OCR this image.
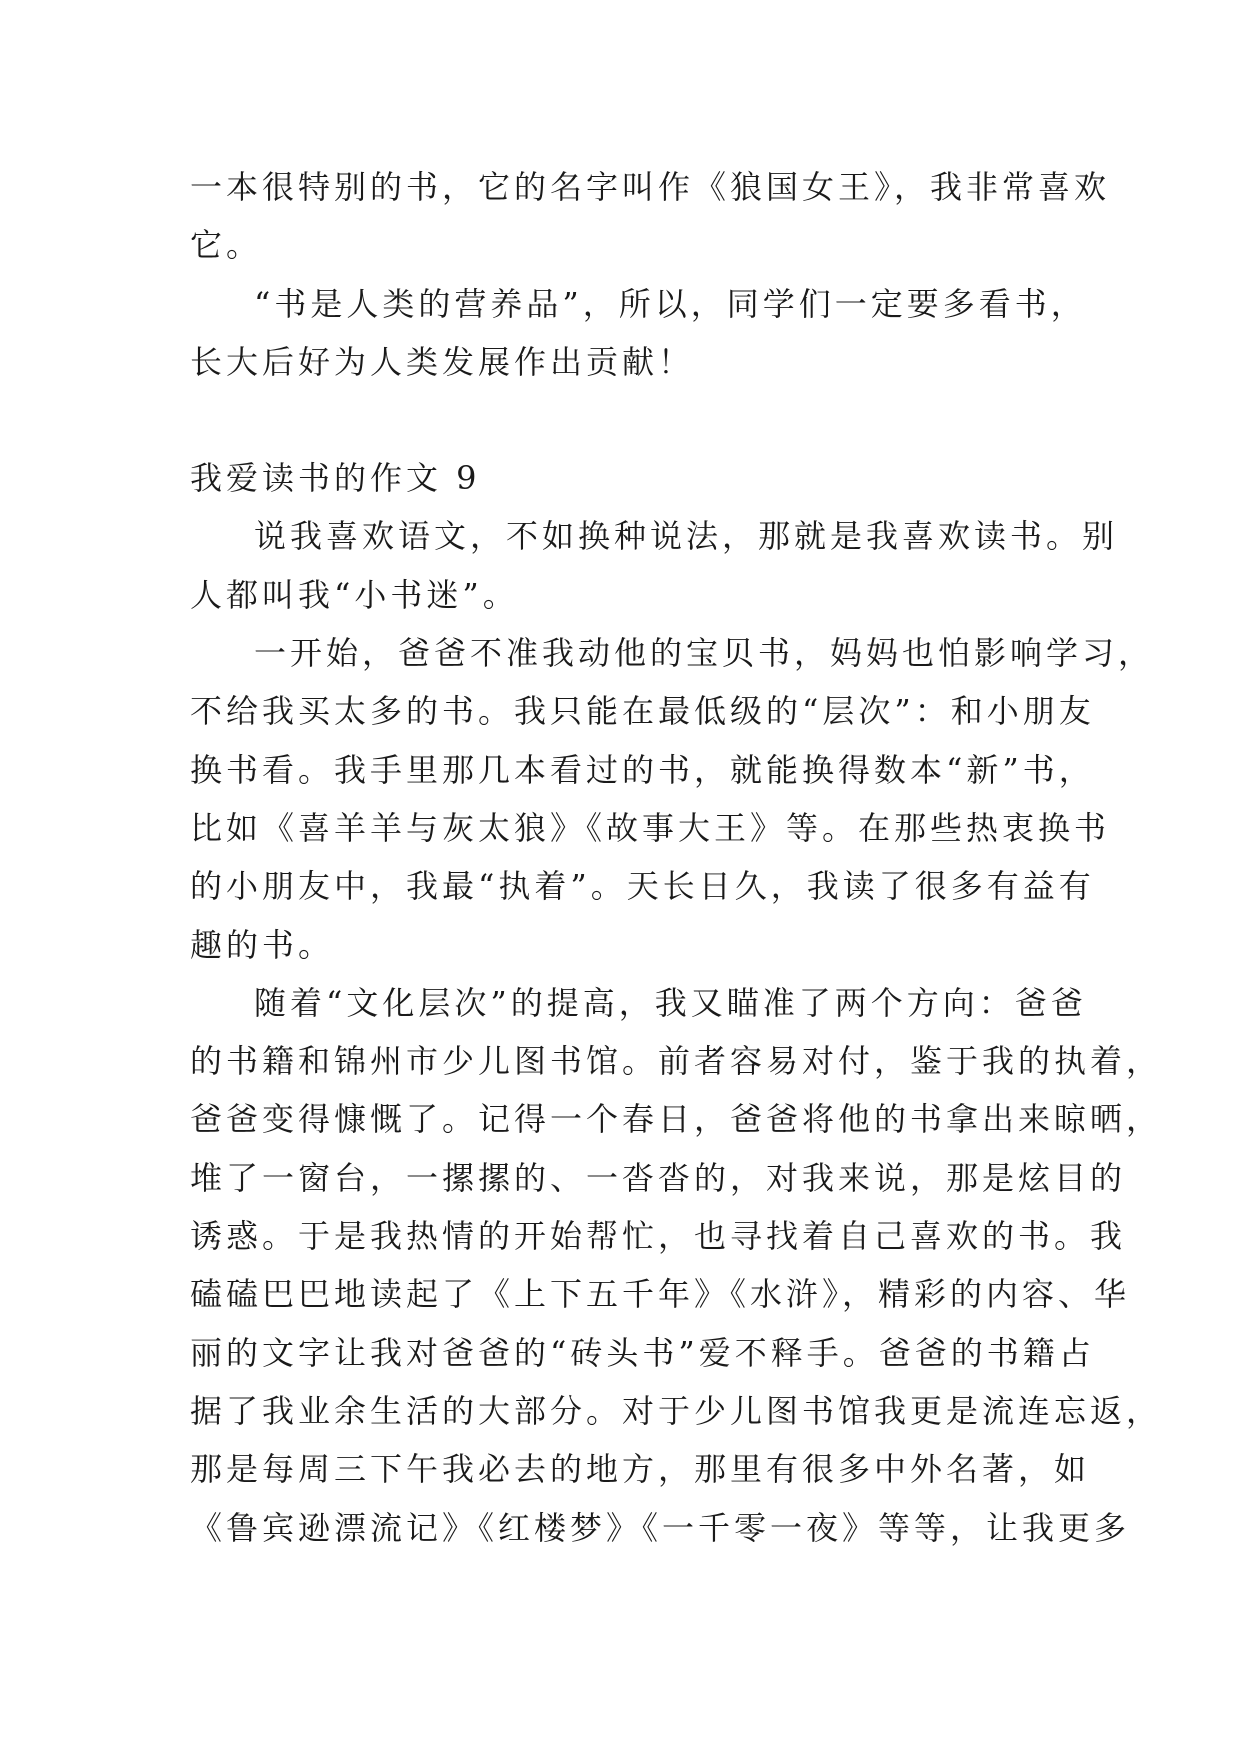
一本很特别的书，它的名字叫作《狼国女王》，我非常喜欢
它。
“书是人类的营养品”，所以，同学们一定要多看书，
长大后好为人类发展作出贡献！
我爱读书的作文 9
说我喜欢语文，不如换种说法，那就是我喜欢读书。别
人都叫我“小书迷”。
一开始，爸爸不准我动他的宝贝书，妈妈也怕影响学习，
不给我买太多的书。我只能在最低级的“层次”：和小朋友
换书看。我手里那几本看过的书，就能换得数本“新”书，
比如《喜羊羊与灰太狼》《故事大王》等。在那些热衷换书
的小朋友中，我最“执着”。天长日久，我读了很多有益有
趣的书。
随着“文化层次”的提高，我又瞄准了两个方向：爸爸
的书籍和锦州市少儿图书馆。前者容易对付，鉴于我的执着，
爸爸变得慷慨了。记得一个春日，爸爸将他的书拿出来晾晒，
堆了一窗台，一摞摞的、一沓沓的，对我来说，那是炫目的
诱惑。于是我热情的开始帮忙，也寻找着自己喜欢的书。我
磕磕巴巴地读起了《上下五千年》《水浒》，精彩的内容、华
丽的文字让我对爸爸的“砖头书”爱不释手。爸爸的书籍占
据了我业余生活的大部分。对于少儿图书馆我更是流连忘返，
那是每周三下午我必去的地方，那里有很多中外名著，如
《鲁宾逊漂流记》《红楼梦》《一千零一夜》等等，让我更多
